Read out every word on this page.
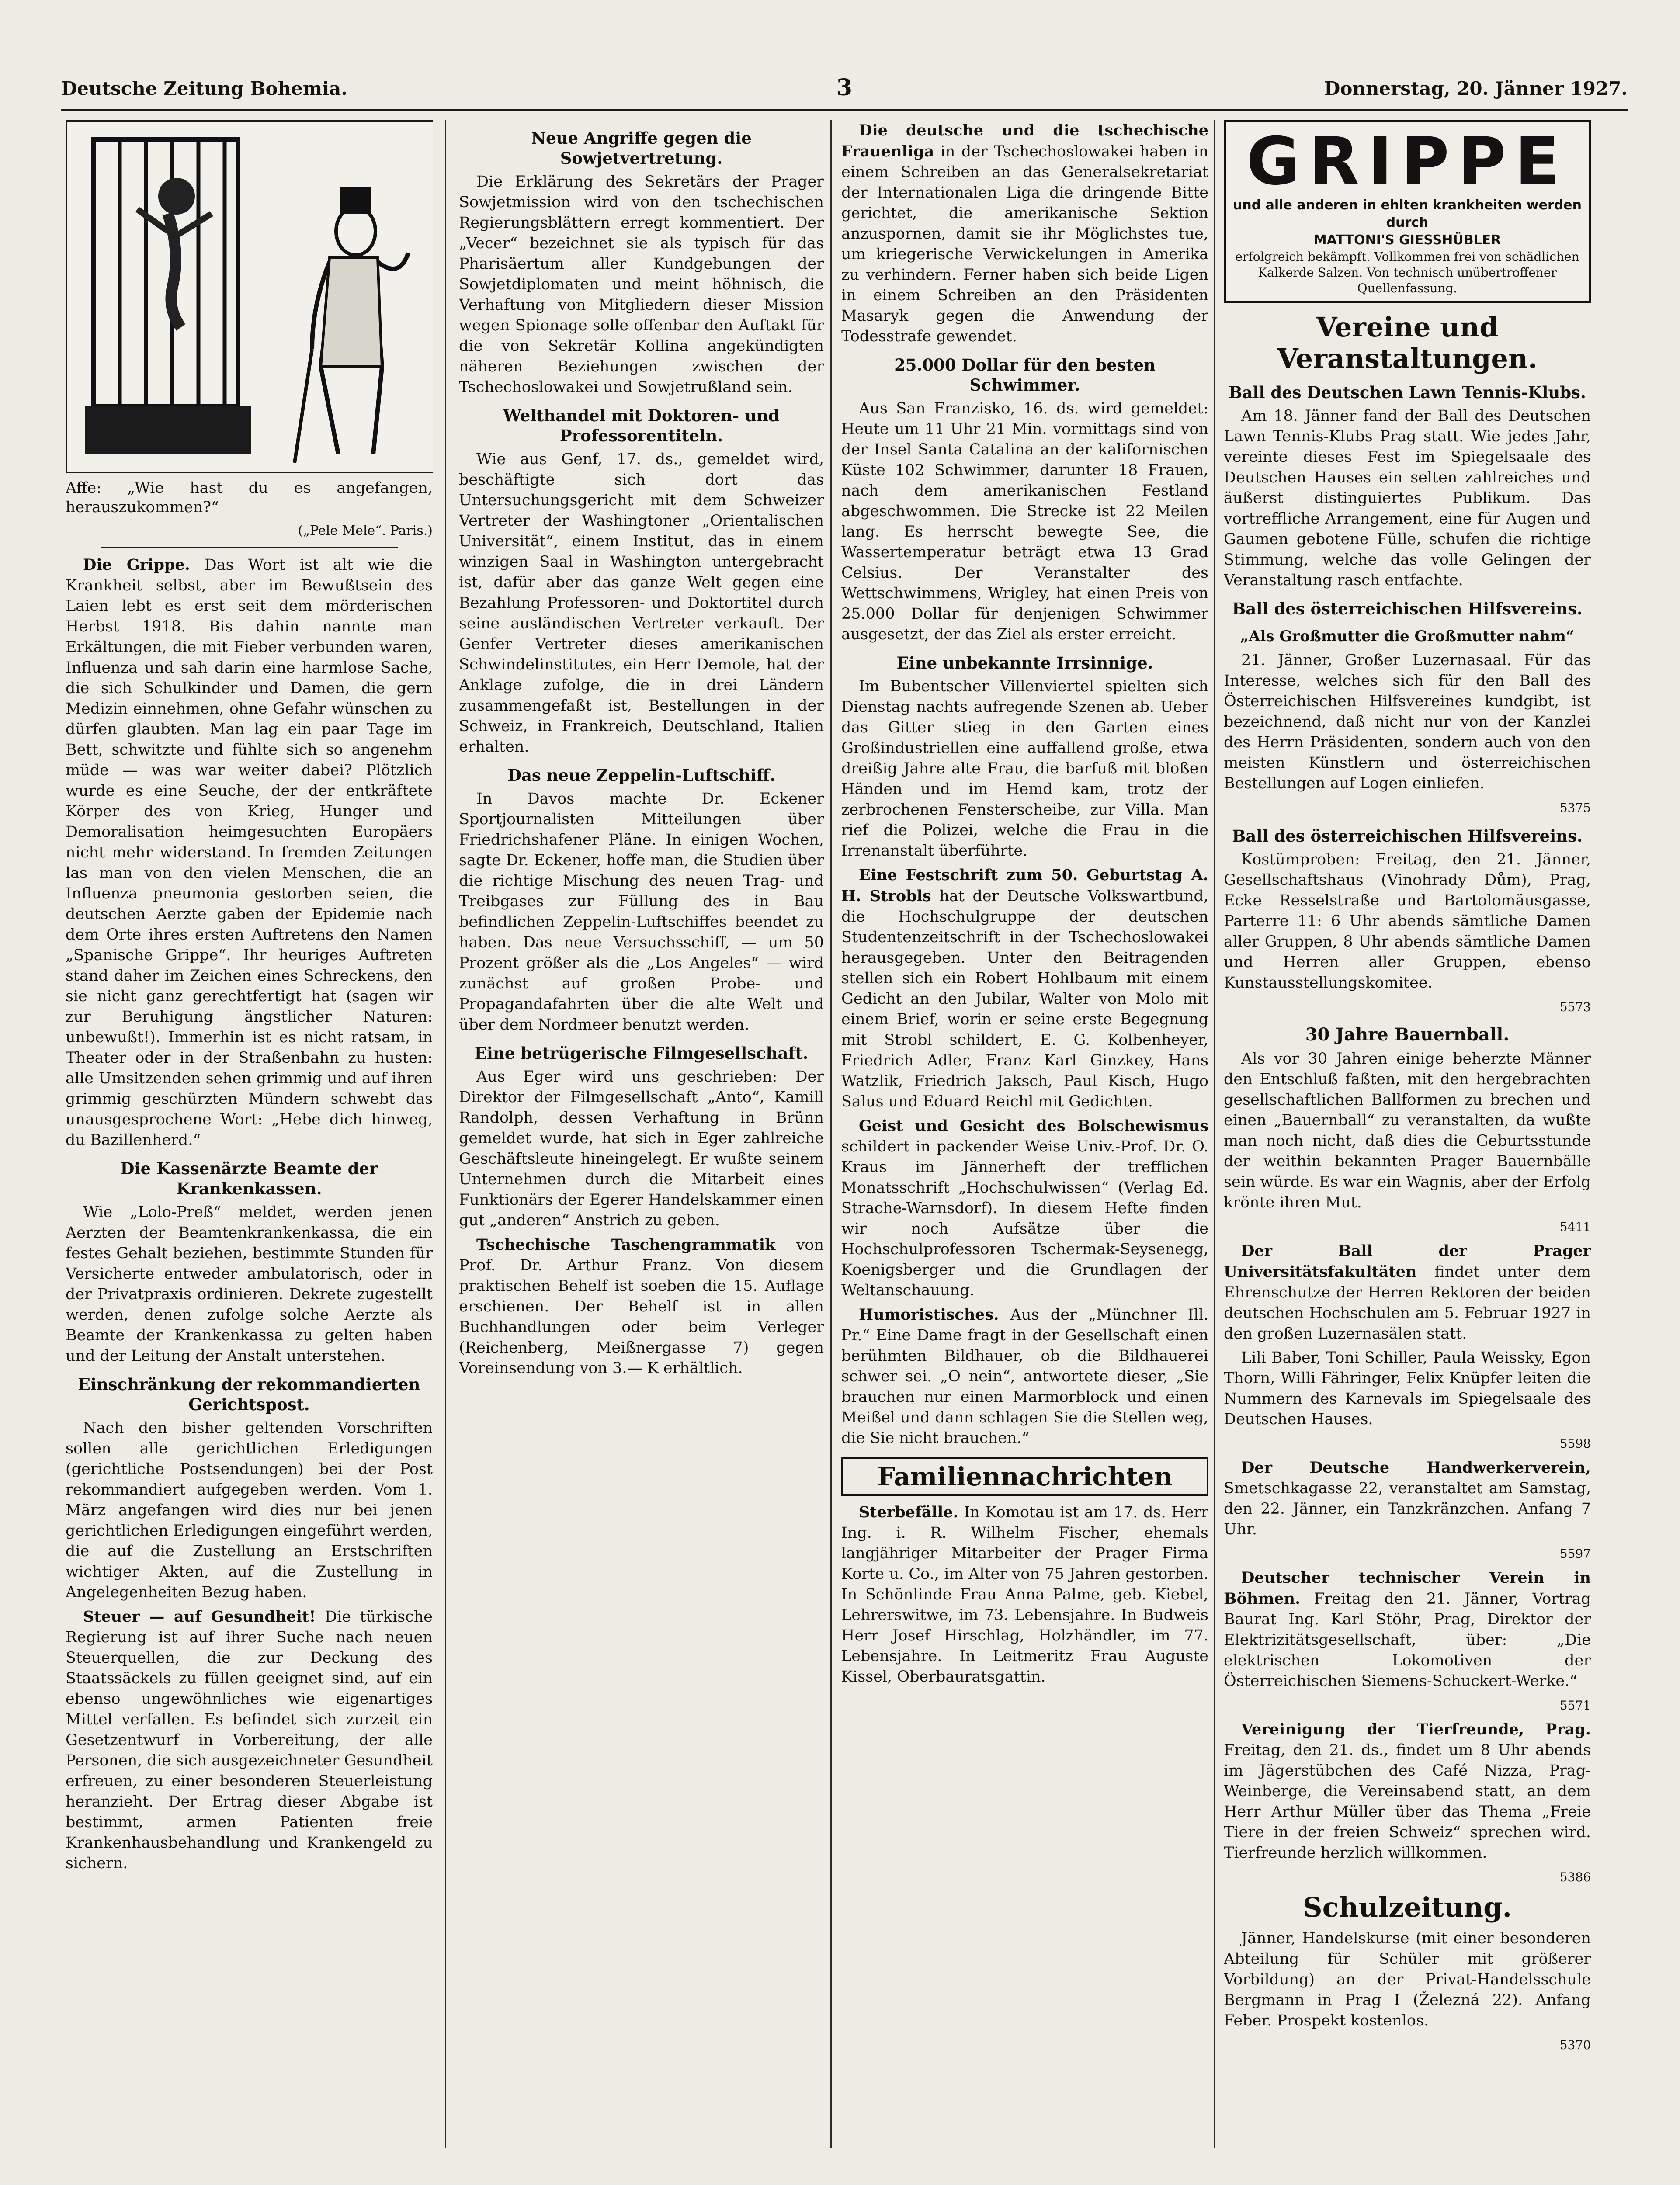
Deutsche Zeitung Bohemia.	3	Donnerstag, 20. Jänner 1927.

Affe: „Wie hast du es angefangen, herauszukommen?“

(„Pele Mele“. Paris.)

Die Grippe. Das Wort ist alt wie die Krankheit selbst, aber im Bewußtsein des Laien lebt es erst seit dem mörderischen Herbst 1918. Bis dahin nannte man Erkältungen, die mit Fieber verbunden waren, Influenza und sah darin eine harmlose Sache, die sich Schulkinder und Damen, die gern Medizin einnehmen, ohne Gefahr wünschen zu dürfen glaubten. Man lag ein paar Tage im Bett, schwitzte und fühlte sich so angenehm müde — was war weiter dabei? Plötzlich wurde es eine Seuche, der der entkräftete Körper des von Krieg, Hunger und Demoralisation heimgesuchten Europäers nicht mehr widerstand. In fremden Zeitungen las man von den vielen Menschen, die an Influenza pneumonia gestorben seien, die deutschen Aerzte gaben der Epidemie nach dem Orte ihres ersten Auftretens den Namen „Spanische Grippe“. Ihr heuriges Auftreten stand daher im Zeichen eines Schreckens, den sie nicht ganz gerechtfertigt hat (sagen wir zur Beruhigung ängstlicher Naturen: unbewußt!). Immerhin ist es nicht ratsam, in Theater oder in der Straßenbahn zu husten: alle Umsitzenden sehen grimmig und auf ihren grimmig geschürzten Mündern schwebt das unausgesprochene Wort: „Hebe dich hinweg, du Bazillenherd.“

Die Kassenärzte Beamte der Krankenkassen.

Wie „Lolo-Preß“ meldet, werden jenen Aerzten der Beamtenkrankenkassa, die ein festes Gehalt beziehen, bestimmte Stunden für Versicherte entweder ambulatorisch, oder in der Privatpraxis ordinieren. Dekrete zugestellt werden, denen zufolge solche Aerzte als Beamte der Krankenkassa zu gelten haben und der Leitung der Anstalt unterstehen.

Einschränkung der rekommandierten Gerichtspost.

Nach den bisher geltenden Vorschriften sollen alle gerichtlichen Erledigungen (gerichtliche Postsendungen) bei der Post rekommandiert aufgegeben werden. Vom 1. März angefangen wird dies nur bei jenen gerichtlichen Erledigungen eingeführt werden, die auf die Zustellung an Erstschriften wichtiger Akten, auf die Zustellung in Angelegenheiten Bezug haben.

Steuer — auf Gesundheit! Die türkische Regierung ist auf ihrer Suche nach neuen Steuerquellen, die zur Deckung des Staatssäckels zu füllen geeignet sind, auf ein ebenso ungewöhnliches wie eigenartiges Mittel verfallen. Es befindet sich zurzeit ein Gesetzentwurf in Vorbereitung, der alle Personen, die sich ausgezeichneter Gesundheit erfreuen, zu einer besonderen Steuerleistung heranzieht. Der Ertrag dieser Abgabe ist bestimmt, armen Patienten freie Krankenhausbehandlung und Krankengeld zu sichern.

Neue Angriffe gegen die Sowjetvertretung.

Die Erklärung des Sekretärs der Prager Sowjetmission wird von den tschechischen Regierungsblättern erregt kommentiert. Der „Vecer“ bezeichnet sie als typisch für das Pharisäertum aller Kundgebungen der Sowjetdiplomaten und meint höhnisch, die Verhaftung von Mitgliedern dieser Mission wegen Spionage solle offenbar den Auftakt für die von Sekretär Kollina angekündigten näheren Beziehungen zwischen der Tschechoslowakei und Sowjetrußland sein.

Welthandel mit Doktoren- und Professorentiteln.

Wie aus Genf, 17. ds., gemeldet wird, beschäftigte sich dort das Untersuchungsgericht mit dem Schweizer Vertreter der Washingtoner „Orientalischen Universität“, einem Institut, das in einem winzigen Saal in Washington untergebracht ist, dafür aber das ganze Welt gegen eine Bezahlung Professoren- und Doktortitel durch seine ausländischen Vertreter verkauft. Der Genfer Vertreter dieses amerikanischen Schwindelinstitutes, ein Herr Demole, hat der Anklage zufolge, die in drei Ländern zusammengefaßt ist, Bestellungen in der Schweiz, in Frankreich, Deutschland, Italien erhalten.

Das neue Zeppelin-Luftschiff.

In Davos machte Dr. Eckener Sportjournalisten Mitteilungen über Friedrichshafener Pläne. In einigen Wochen, sagte Dr. Eckener, hoffe man, die Studien über die richtige Mischung des neuen Trag- und Treibgases zur Füllung des in Bau befindlichen Zeppelin-Luftschiffes beendet zu haben. Das neue Versuchsschiff, — um 50 Prozent größer als die „Los Angeles“ — wird zunächst auf großen Probe- und Propagandafahrten über die alte Welt und über dem Nordmeer benutzt werden.

Eine betrügerische Filmgesellschaft.

Aus Eger wird uns geschrieben: Der Direktor der Filmgesellschaft „Anto“, Kamill Randolph, dessen Verhaftung in Brünn gemeldet wurde, hat sich in Eger zahlreiche Geschäftsleute hineingelegt. Er wußte seinem Unternehmen durch die Mitarbeit eines Funktionärs der Egerer Handelskammer einen gut „anderen“ Anstrich zu geben.

Tschechische Taschengrammatik von Prof. Dr. Arthur Franz. Von diesem praktischen Behelf ist soeben die 15. Auflage erschienen. Der Behelf ist in allen Buchhandlungen oder beim Verleger (Reichenberg, Meißnergasse 7) gegen Voreinsendung von 3.— K erhältlich.

Die deutsche und die tschechische Frauenliga in der Tschechoslowakei haben in einem Schreiben an das Generalsekretariat der Internationalen Liga die dringende Bitte gerichtet, die amerikanische Sektion anzuspornen, damit sie ihr Möglichstes tue, um kriegerische Verwickelungen in Amerika zu verhindern. Ferner haben sich beide Ligen in einem Schreiben an den Präsidenten Masaryk gegen die Anwendung der Todesstrafe gewendet.

25.000 Dollar für den besten Schwimmer.

Aus San Franzisko, 16. ds. wird gemeldet: Heute um 11 Uhr 21 Min. vormittags sind von der Insel Santa Catalina an der kalifornischen Küste 102 Schwimmer, darunter 18 Frauen, nach dem amerikanischen Festland abgeschwommen. Die Strecke ist 22 Meilen lang. Es herrscht bewegte See, die Wassertemperatur beträgt etwa 13 Grad Celsius. Der Veranstalter des Wettschwimmens, Wrigley, hat einen Preis von 25.000 Dollar für denjenigen Schwimmer ausgesetzt, der das Ziel als erster erreicht.

Eine unbekannte Irrsinnige.

Im Bubentscher Villenviertel spielten sich Dienstag nachts aufregende Szenen ab. Ueber das Gitter stieg in den Garten eines Großindustriellen eine auffallend große, etwa dreißig Jahre alte Frau, die barfuß mit bloßen Händen und im Hemd kam, trotz der zerbrochenen Fensterscheibe, zur Villa. Man rief die Polizei, welche die Frau in die Irrenanstalt überführte.

Eine Festschrift zum 50. Geburtstag A. H. Strobls hat der Deutsche Volkswartbund, die Hochschulgruppe der deutschen Studentenzeitschrift in der Tschechoslowakei herausgegeben. Unter den Beitragenden stellen sich ein Robert Hohlbaum mit einem Gedicht an den Jubilar, Walter von Molo mit einem Brief, worin er seine erste Begegnung mit Strobl schildert, E. G. Kolbenheyer, Friedrich Adler, Franz Karl Ginzkey, Hans Watzlik, Friedrich Jaksch, Paul Kisch, Hugo Salus und Eduard Reichl mit Gedichten.

Geist und Gesicht des Bolschewismus schildert in packender Weise Univ.-Prof. Dr. O. Kraus im Jännerheft der trefflichen Monatsschrift „Hochschulwissen“ (Verlag Ed. Strache-Warnsdorf). In diesem Hefte finden wir noch Aufsätze über die Hochschulprofessoren Tschermak-Seysenegg, Koenigsberger und die Grundlagen der Weltanschauung.

Humoristisches. Aus der „Münchner Ill. Pr.“ Eine Dame fragt in der Gesellschaft einen berühmten Bildhauer, ob die Bildhauerei schwer sei. „O nein“, antwortete dieser, „Sie brauchen nur einen Marmorblock und einen Meißel und dann schlagen Sie die Stellen weg, die Sie nicht brauchen.“

Familiennachrichten

Sterbefälle. In Komotau ist am 17. ds. Herr Ing. i. R. Wilhelm Fischer, ehemals langjähriger Mitarbeiter der Prager Firma Korte u. Co., im Alter von 75 Jahren gestorben. In Schönlinde Frau Anna Palme, geb. Kiebel, Lehrerswitwe, im 73. Lebensjahre. In Budweis Herr Josef Hirschlag, Holzhändler, im 77. Lebensjahre. In Leitmeritz Frau Auguste Kissel, Oberbauratsgattin.

GRIPPE
und alle anderen in ehlten krankheiten werden durch
MATTONI'S GIESSHÜBLER
erfolgreich bekämpft. Vollkommen frei von schädlichen Kalkerde Salzen. Von technisch unübertroffener Quellenfassung.
Vereine und Veranstaltungen.
Ball des Deutschen Lawn Tennis-Klubs.

Am 18. Jänner fand der Ball des Deutschen Lawn Tennis-Klubs Prag statt. Wie jedes Jahr, vereinte dieses Fest im Spiegelsaale des Deutschen Hauses ein selten zahlreiches und äußerst distinguiertes Publikum. Das vortreffliche Arrangement, eine für Augen und Gaumen gebotene Fülle, schufen die richtige Stimmung, welche das volle Gelingen der Veranstaltung rasch entfachte.

Ball des österreichischen Hilfsvereins.
„Als Großmutter die Großmutter nahm“

21. Jänner, Großer Luzernasaal. Für das Interesse, welches sich für den Ball des Österreichischen Hilfsvereines kundgibt, ist bezeichnend, daß nicht nur von der Kanzlei des Herrn Präsidenten, sondern auch von den meisten Künstlern und österreichischen Bestellungen auf Logen einliefen.

5375

Ball des österreichischen Hilfsvereins.

Kostümproben: Freitag, den 21. Jänner, Gesellschaftshaus (Vinohrady Dům), Prag, Ecke Resselstraße und Bartolomäusgasse, Parterre 11: 6 Uhr abends sämtliche Damen aller Gruppen, 8 Uhr abends sämtliche Damen und Herren aller Gruppen, ebenso Kunstausstellungskomitee.

5573

30 Jahre Bauernball.

Als vor 30 Jahren einige beherzte Männer den Entschluß faßten, mit den hergebrachten gesellschaftlichen Ballformen zu brechen und einen „Bauernball“ zu veranstalten, da wußte man noch nicht, daß dies die Geburtsstunde der weithin bekannten Prager Bauernbälle sein würde. Es war ein Wagnis, aber der Erfolg krönte ihren Mut.

5411

Der Ball der Prager Universitätsfakultäten findet unter dem Ehrenschutze der Herren Rektoren der beiden deutschen Hochschulen am 5. Februar 1927 in den großen Luzernasälen statt.

Lili Baber, Toni Schiller, Paula Weissky, Egon Thorn, Willi Fähringer, Felix Knüpfer leiten die Nummern des Karnevals im Spiegelsaale des Deutschen Hauses.

5598

Der Deutsche Handwerkerverein, Smetschkagasse 22, veranstaltet am Samstag, den 22. Jänner, ein Tanzkränzchen. Anfang 7 Uhr.

5597

Deutscher technischer Verein in Böhmen. Freitag den 21. Jänner, Vortrag Baurat Ing. Karl Stöhr, Prag, Direktor der Elektrizitätsgesellschaft, über: „Die elektrischen Lokomotiven der Österreichischen Siemens-Schuckert-Werke.“

5571

Vereinigung der Tierfreunde, Prag. Freitag, den 21. ds., findet um 8 Uhr abends im Jägerstübchen des Café Nizza, Prag-Weinberge, die Vereinsabend statt, an dem Herr Arthur Müller über das Thema „Freie Tiere in der freien Schweiz“ sprechen wird. Tierfreunde herzlich willkommen.

5386

Schulzeitung.

Jänner, Handelskurse (mit einer besonderen Abteilung für Schüler mit größerer Vorbildung) an der Privat-Handelsschule Bergmann in Prag I (Železná 22). Anfang Feber. Prospekt kostenlos.

5370
